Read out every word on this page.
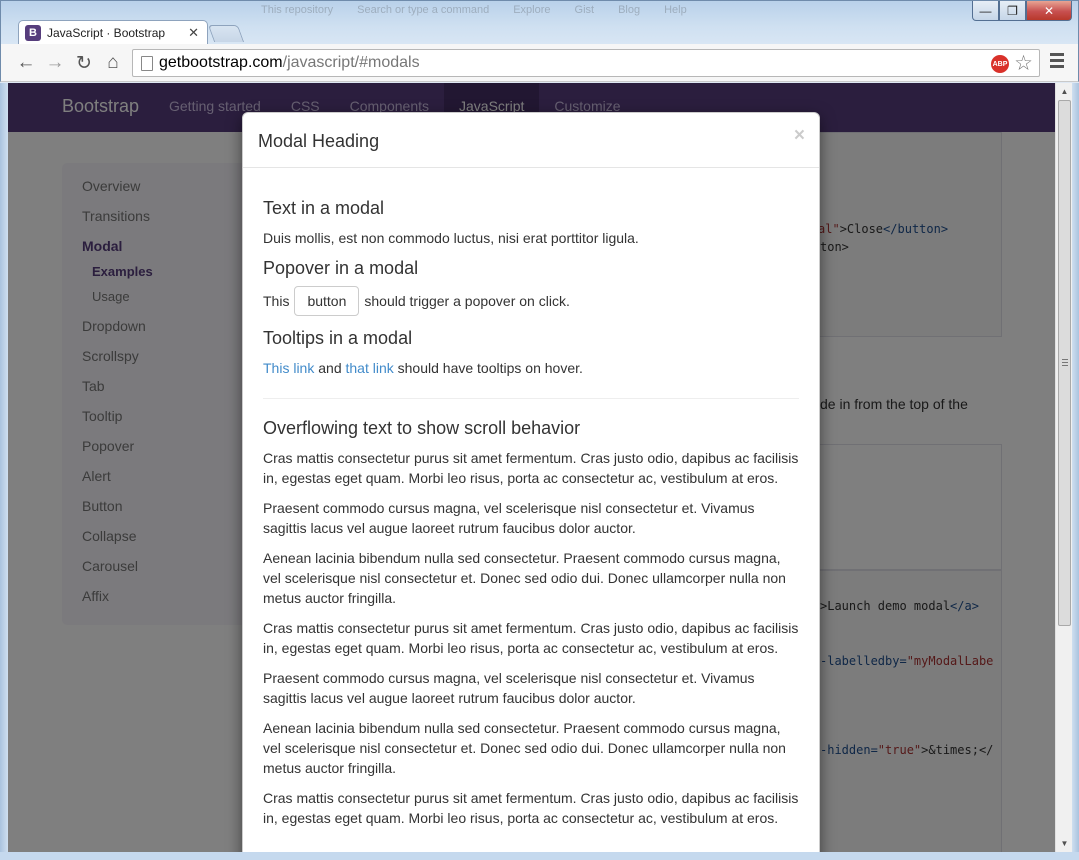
This repository Search or type a command Explore Gist Blog Help	—	❐	✕
B JavaScript · Bootstrap	✕
← → ↻ ⌂	getbootstrap.com/javascript/#modals	ABP ☆
Modal Heading	×
Text in a modal

Duis mollis, est non commodo luctus, nisi erat porttitor ligula.

Popover in a modal
This	button	should trigger a popover on click.
Tooltips in a modal

This link and that link should have tooltips on hover.

Overflowing text to show scroll behavior

Cras mattis consectetur purus sit amet fermentum. Cras justo odio, dapibus ac facilisis in, egestas eget quam. Morbi leo risus, porta ac consectetur ac, vestibulum at eros.

Praesent commodo cursus magna, vel scelerisque nisl consectetur et. Vivamus sagittis lacus vel augue laoreet rutrum faucibus dolor auctor.

Aenean lacinia bibendum nulla sed consectetur. Praesent commodo cursus magna, vel scelerisque nisl consectetur et. Donec sed odio dui. Donec ullamcorper nulla non metus auctor fringilla.

Cras mattis consectetur purus sit amet fermentum. Cras justo odio, dapibus ac facilisis in, egestas eget quam. Morbi leo risus, porta ac consectetur ac, vestibulum at eros.

Praesent commodo cursus magna, vel scelerisque nisl consectetur et. Vivamus sagittis lacus vel augue laoreet rutrum faucibus dolor auctor.

Aenean lacinia bibendum nulla sed consectetur. Praesent commodo cursus magna, vel scelerisque nisl consectetur et. Donec sed odio dui. Donec ullamcorper nulla non metus auctor fringilla.

Cras mattis consectetur purus sit amet fermentum. Cras justo odio, dapibus ac facilisis in, egestas eget quam. Morbi leo risus, porta ac consectetur ac, vestibulum at eros.

▲
▼
